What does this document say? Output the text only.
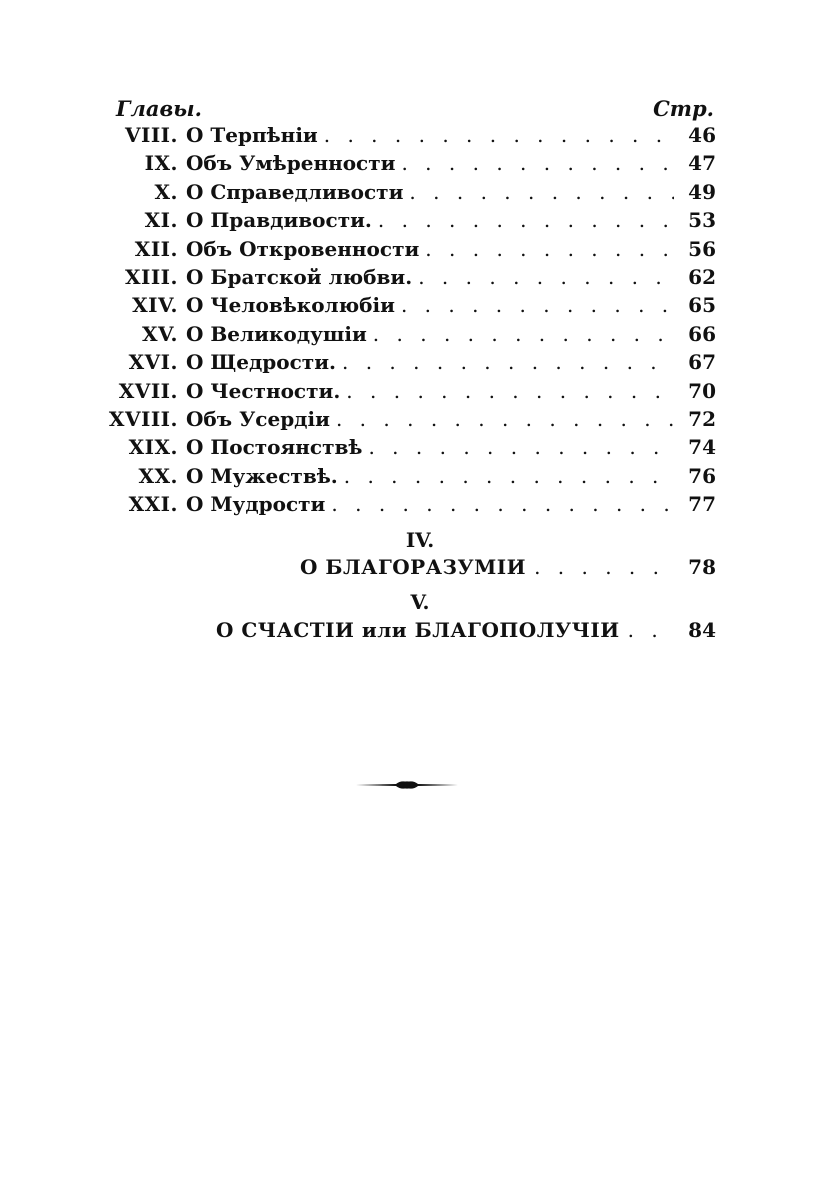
Главы.	Стр.
VIII. О Терпѣніи . . .	46
IX. Объ Умѣренности . . .	47
X. О Справедливости . . .	49
XI. О Правдивости. . . .	53
XII. Объ Откровенности . . .	56
XIII. О Братской любви. . . .	62
XIV. О Человѣколюбіи . . .	65
XV. О Великодушіи . . .	66
XVI. О Щедрости. . . .	67
XVII. О Честности. . . .	70
XVIII. Объ Усердіи . . .	72
XIX. О Постоянствѣ . . .	74
XX. О Мужествѣ. . . .	76
XXI. О Мудрости . . .	77
IV.
О БЛАГОРАЗУМІИ . . .	78
V.
О СЧАСТІИ или БЛАГОПОЛУЧІИ . . .	84
